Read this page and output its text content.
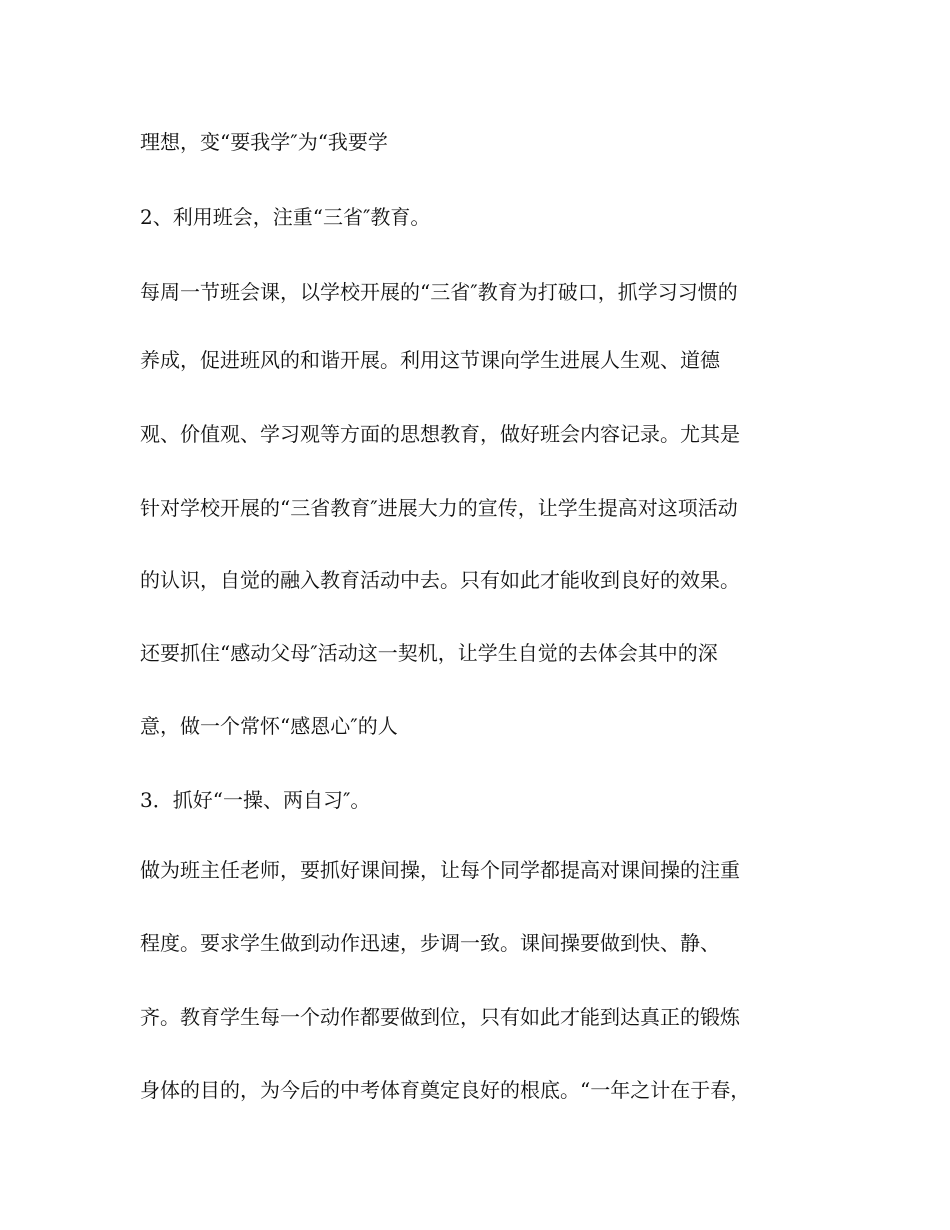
理想，变“要我学″为“我要学
2、利用班会，注重“三省″教育。
每周一节班会课，以学校开展的“三省″教育为打破口，抓学习习惯的
养成，促进班风的和谐开展。利用这节课向学生进展人生观、道德
观、价值观、学习观等方面的思想教育，做好班会内容记录。尤其是
针对学校开展的“三省教育″进展大力的宣传，让学生提高对这项活动
的认识，自觉的融入教育活动中去。只有如此才能收到良好的效果。
还要抓住“感动父母″活动这一契机，让学生自觉的去体会其中的深
意，做一个常怀“感恩心″的人
3．抓好“一操、两自习″。
做为班主任老师，要抓好课间操，让每个同学都提高对课间操的注重
程度。要求学生做到动作迅速，步调一致。课间操要做到快、静、
齐。教育学生每一个动作都要做到位，只有如此才能到达真正的锻炼
身体的目的，为今后的中考体育奠定良好的根底。“一年之计在于春，
